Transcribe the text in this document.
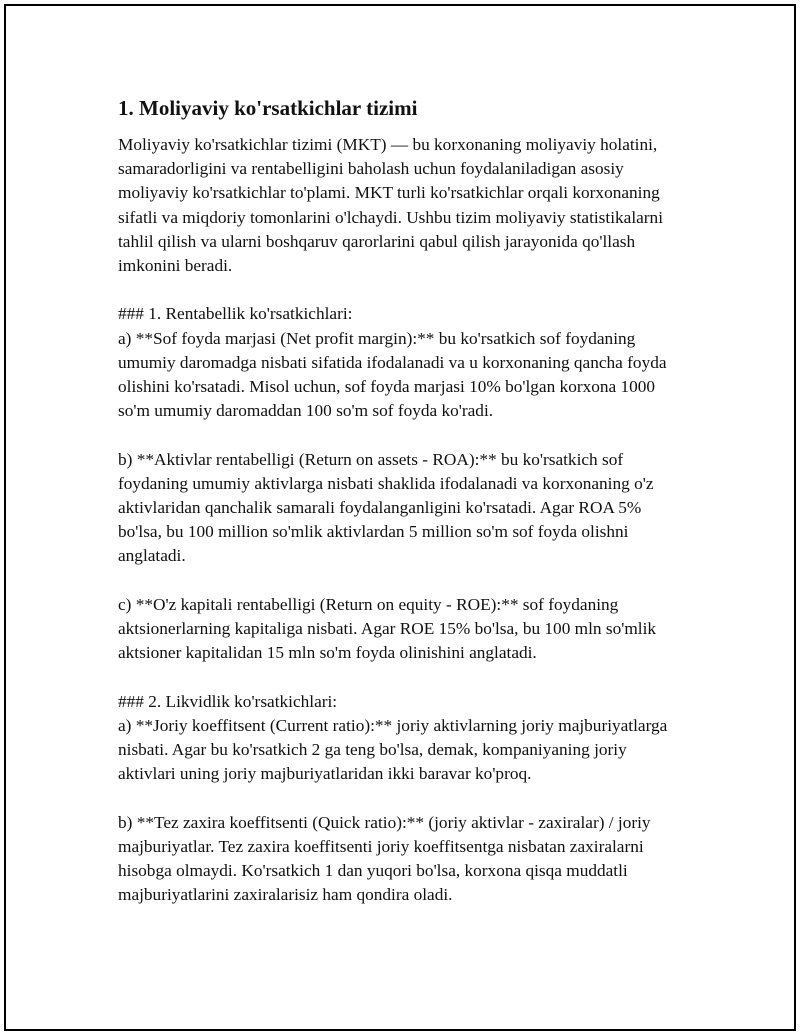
1. Moliyaviy ko'rsatkichlar tizimi

Moliyaviy ko'rsatkichlar tizimi (MKT) — bu korxonaning moliyaviy holatini, samaradorligini va rentabelligini baholash uchun foydalaniladigan asosiy moliyaviy ko'rsatkichlar to'plami. MKT turli ko'rsatkichlar orqali korxonaning sifatli va miqdoriy tomonlarini o'lchaydi. Ushbu tizim moliyaviy statistikalarni tahlil qilish va ularni boshqaruv qarorlarini qabul qilish jarayonida qo'llash imkonini beradi.

### 1. Rentabellik ko'rsatkichlari:

a) **Sof foyda marjasi (Net profit margin):** bu ko'rsatkich sof foydaning umumiy daromadga nisbati sifatida ifodalanadi va u korxonaning qancha foyda olishini ko'rsatadi. Misol uchun, sof foyda marjasi 10% bo'lgan korxona 1000 so'm umumiy daromaddan 100 so'm sof foyda ko'radi.

b) **Aktivlar rentabelligi (Return on assets - ROA):** bu ko'rsatkich sof foydaning umumiy aktivlarga nisbati shaklida ifodalanadi va korxonaning o'z aktivlaridan qanchalik samarali foydalanganligini ko'rsatadi. Agar ROA 5% bo'lsa, bu 100 million so'mlik aktivlardan 5 million so'm sof foyda olishni anglatadi.

c) **O'z kapitali rentabelligi (Return on equity - ROE):** sof foydaning aktsionerlarning kapitaliga nisbati. Agar ROE 15% bo'lsa, bu 100 mln so'mlik aktsioner kapitalidan 15 mln so'm foyda olinishini anglatadi.

### 2. Likvidlik ko'rsatkichlari:

a) **Joriy koeffitsent (Current ratio):** joriy aktivlarning joriy majburiyatlarga nisbati. Agar bu ko'rsatkich 2 ga teng bo'lsa, demak, kompaniyaning joriy aktivlari uning joriy majburiyatlaridan ikki baravar ko'proq.

b) **Tez zaxira koeffitsenti (Quick ratio):** (joriy aktivlar - zaxiralar) / joriy majburiyatlar. Tez zaxira koeffitsenti joriy koeffitsentga nisbatan zaxiralarni hisobga olmaydi. Ko'rsatkich 1 dan yuqori bo'lsa, korxona qisqa muddatli majburiyatlarini zaxiralarisiz ham qondira oladi.
